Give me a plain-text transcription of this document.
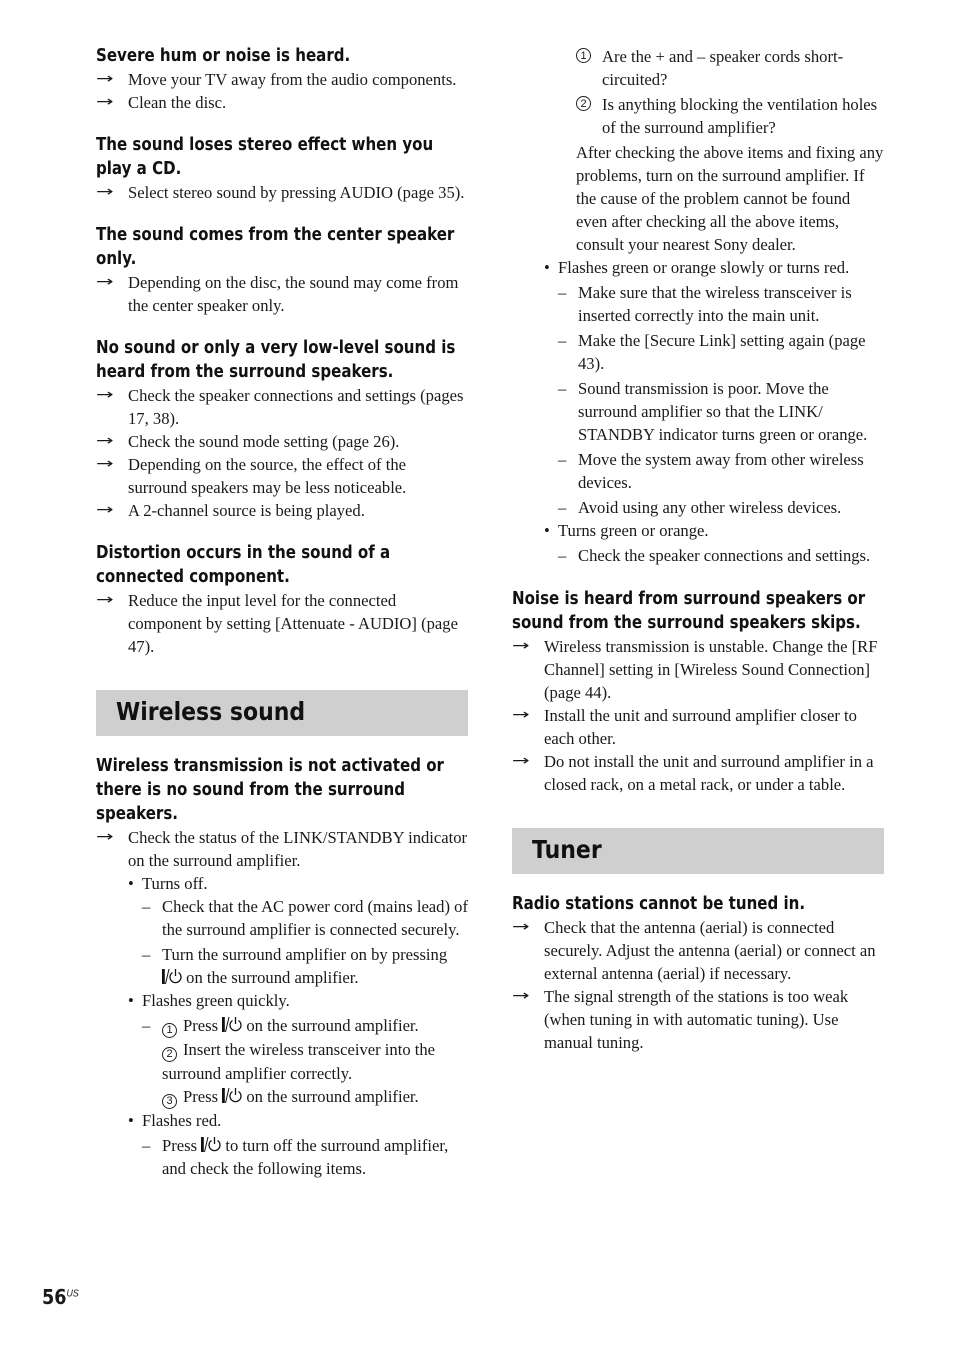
Severe hum or noise is heard.

→ Move your TV away from the audio components.

→ Clean the disc.

The sound loses stereo effect when you play a CD.

→ Select stereo sound by pressing AUDIO (page 35).

The sound comes from the center speaker only.

→ Depending on the disc, the sound may come from the center speaker only.

No sound or only a very low-level sound is heard from the surround speakers.

→ Check the speaker connections and settings (pages 17, 38).

→ Check the sound mode setting (page 26).

→ Depending on the source, the effect of the surround speakers may be less noticeable.

→ A 2-channel source is being played.

Distortion occurs in the sound of a connected component.

→ Reduce the input level for the connected component by setting [Attenuate - AUDIO] (page 47).

Wireless sound
Wireless transmission is not activated or there is no sound from the surround speakers.

→ Check the status of the LINK/STANDBY indicator on the surround amplifier.

• Turns off.

– Check that the AC power cord (mains lead) of the surround amplifier is connected securely.

– Turn the surround amplifier on by pressing  on the surround amplifier.

• Flashes green quickly.

– 1 Press  on the surround amplifier.
2 Insert the wireless transceiver into the surround amplifier correctly.
3 Press  on the surround amplifier.

• Flashes red.

– Press  to turn off the surround amplifier, and check the following items.

1 Are the + and – speaker cords short-circuited?

2 Is anything blocking the ventilation holes of the surround amplifier?

After checking the above items and fixing any problems, turn on the surround amplifier. If the cause of the problem cannot be found even after checking all the above items, consult your nearest Sony dealer.

• Flashes green or orange slowly or turns red.

– Make sure that the wireless transceiver is inserted correctly into the main unit.

– Make the [Secure Link] setting again (page 43).

– Sound transmission is poor. Move the surround amplifier so that the LINK/ STANDBY indicator turns green or orange.

– Move the system away from other wireless devices.

– Avoid using any other wireless devices.

• Turns green or orange.

– Check the speaker connections and settings.

Noise is heard from surround speakers or sound from the surround speakers skips.

→ Wireless transmission is unstable. Change the [RF Channel] setting in [Wireless Sound Connection] (page 44).

→ Install the unit and surround amplifier closer to each other.

→ Do not install the unit and surround amplifier in a closed rack, on a metal rack, or under a table.

Tuner
Radio stations cannot be tuned in.

→ Check that the antenna (aerial) is connected securely. Adjust the antenna (aerial) or connect an external antenna (aerial) if necessary.

→ The signal strength of the stations is too weak (when tuning in with automatic tuning). Use manual tuning.

$56^{US}$
